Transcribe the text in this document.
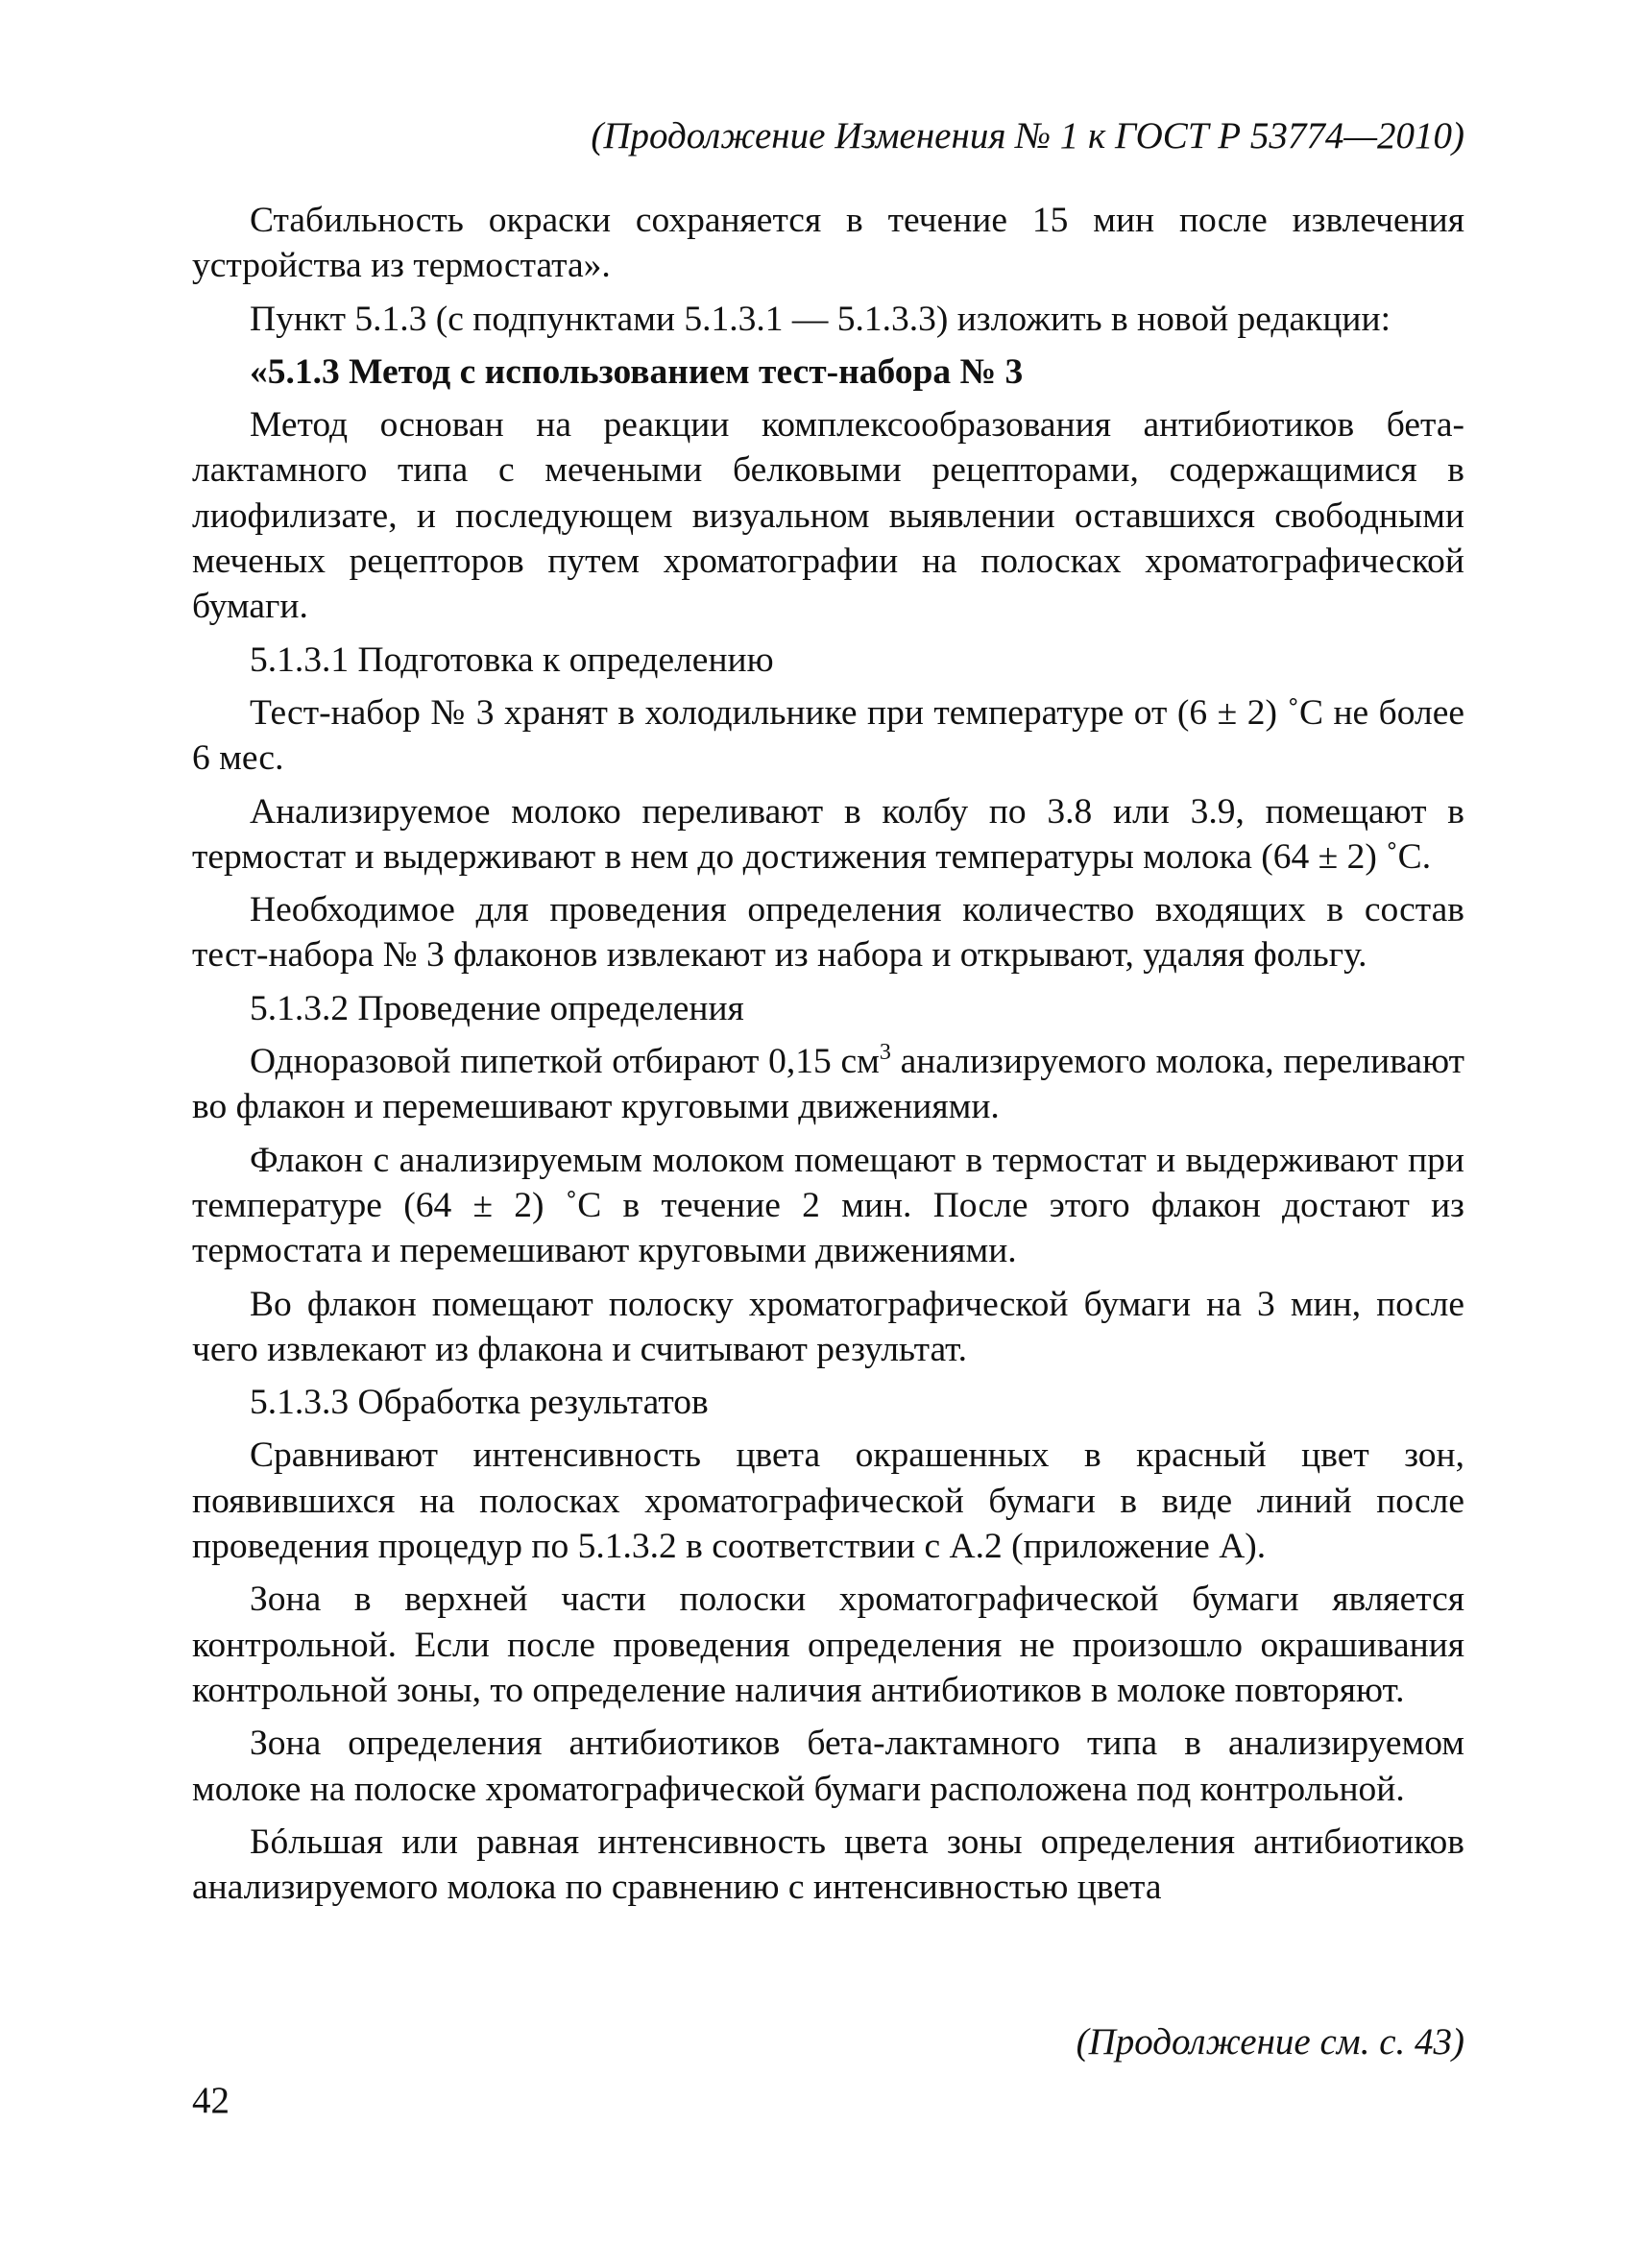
(Продолжение Изменения № 1 к ГОСТ Р 53774—2010)

Стабильность окраски сохраняется в течение 15 мин после извлечения устройства из термостата».

Пункт 5.1.3 (с подпунктами 5.1.3.1 — 5.1.3.3) изложить в новой редакции:

«5.1.3 Метод с использованием тест-набора № 3

Метод основан на реакции комплексообразования антибиотиков бета-лактамного типа с мечеными белковыми рецепторами, содержащимися в лиофилизате, и последующем визуальном выявлении оставшихся свободными меченых рецепторов путем хроматографии на полосках хроматографической бумаги.

5.1.3.1 Подготовка к определению

Тест-набор № 3 хранят в холодильнике при температуре от (6 ± 2) ˚С не более 6 мес.

Анализируемое молоко переливают в колбу по 3.8 или 3.9, помещают в термостат и выдерживают в нем до достижения температуры молока (64 ± 2) ˚С.

Необходимое для проведения определения количество входящих в состав тест-набора № 3 флаконов извлекают из набора и открывают, удаляя фольгу.

5.1.3.2 Проведение определения

Одноразовой пипеткой отбирают 0,15 $см^3$ анализируемого молока, переливают во флакон и перемешивают круговыми движениями.

Флакон с анализируемым молоком помещают в термостат и выдерживают при температуре (64 ± 2) ˚С в течение 2 мин. После этого флакон достают из термостата и перемешивают круговыми движениями.

Во флакон помещают полоску хроматографической бумаги на 3 мин, после чего извлекают из флакона и считывают результат.

5.1.3.3 Обработка результатов

Сравнивают интенсивность цвета окрашенных в красный цвет зон, появившихся на полосках хроматографической бумаги в виде линий после проведения процедур по 5.1.3.2 в соответствии с А.2 (приложение А).

Зона в верхней части полоски хроматографической бумаги является контрольной. Если после проведения определения не произошло окрашивания контрольной зоны, то определение наличия антибиотиков в молоке повторяют.

Зона определения антибиотиков бета-лактамного типа в анализируемом молоке на полоске хроматографической бумаги расположена под контрольной.

Бóльшая или равная интенсивность цвета зоны определения антибиотиков анализируемого молока по сравнению с интенсивностью цвета

(Продолжение см. с. 43)
42
